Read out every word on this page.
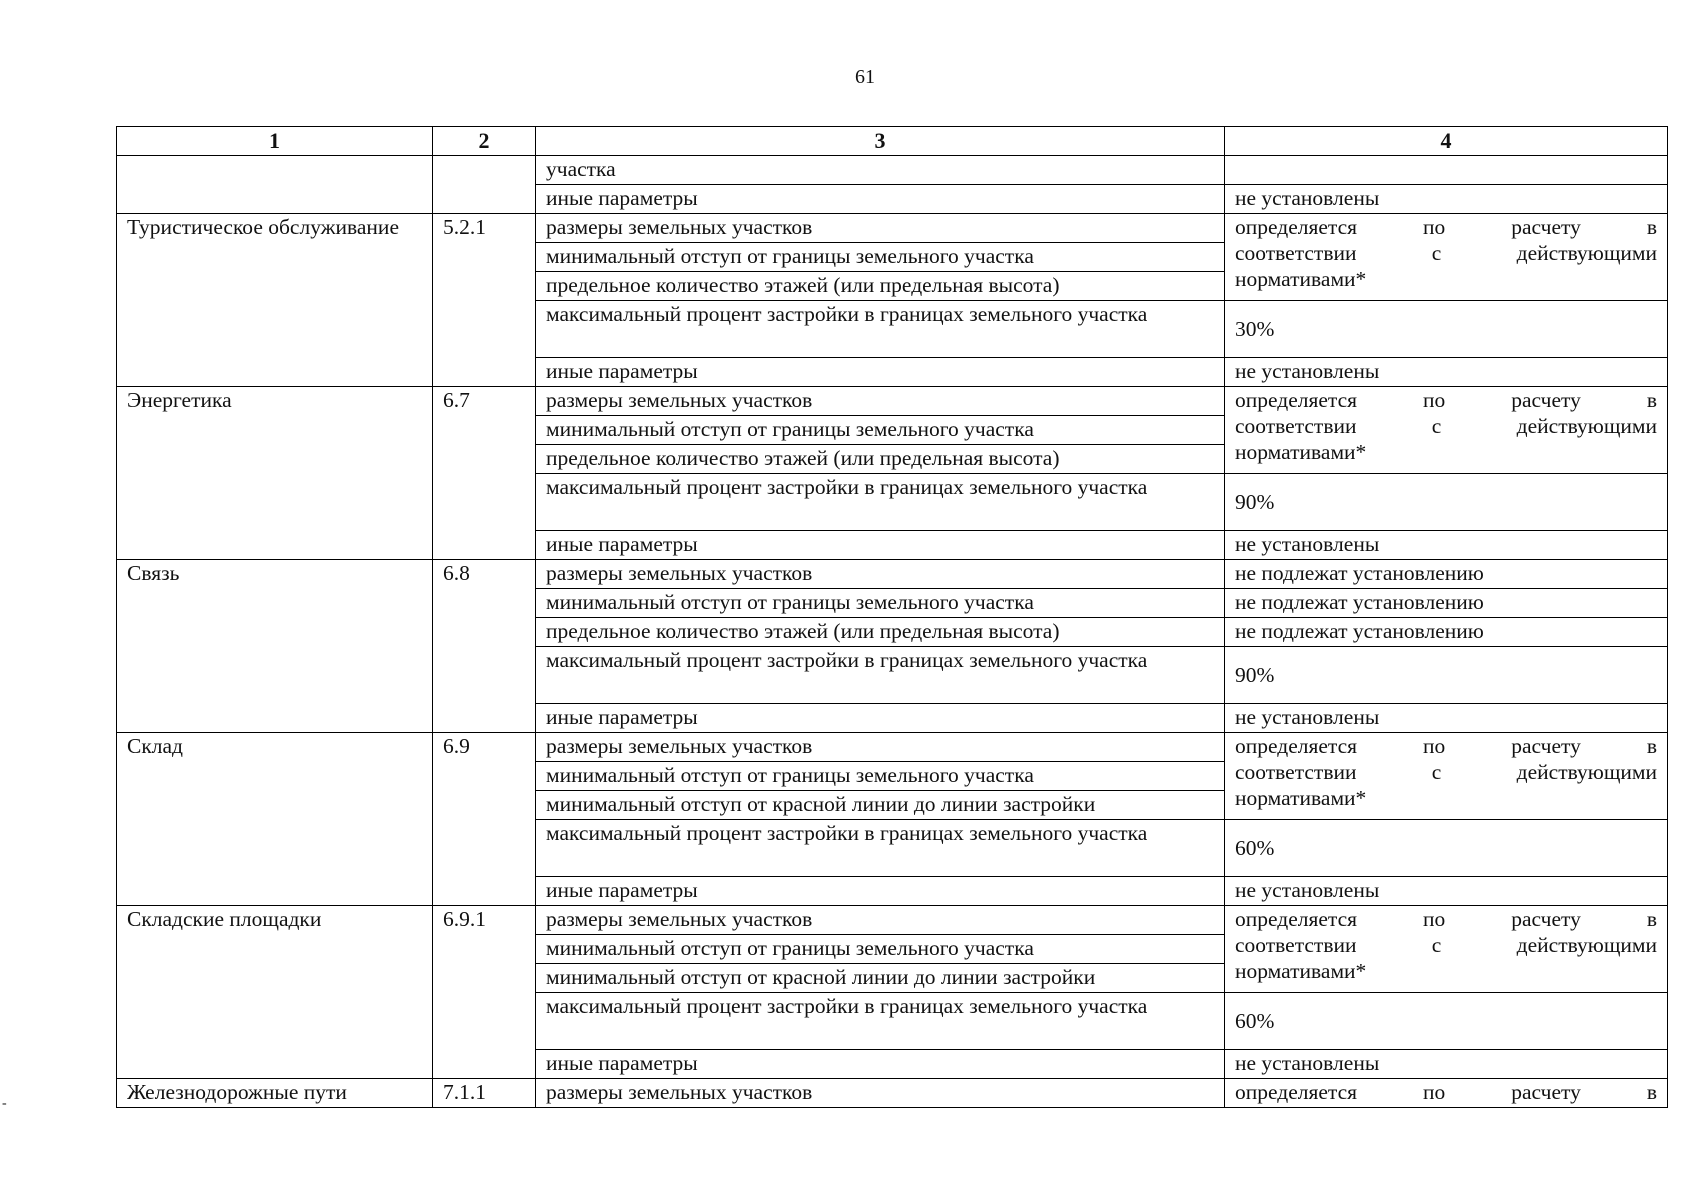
61
-
1	2	3	4
		участка	
		иные параметры	не установлены
Туристическое обслуживание	5.2.1	размеры земельных участков	определяется по расчету в
соответствии с действующими
нормативами*

		минимальный отступ от границы земельного участка	
		предельное количество этажей (или предельная высота)	
		максимальный процент застройки в границах земельного участка	30%
		иные параметры	не установлены
Энергетика	6.7	размеры земельных участков	определяется по расчету в
соответствии с действующими
нормативами*

		минимальный отступ от границы земельного участка	
		предельное количество этажей (или предельная высота)	
		максимальный процент застройки в границах земельного участка	90%
		иные параметры	не установлены
Связь	6.8	размеры земельных участков	не подлежат установлению
		минимальный отступ от границы земельного участка	не подлежат установлению
		предельное количество этажей (или предельная высота)	не подлежат установлению
		максимальный процент застройки в границах земельного участка	90%
		иные параметры	не установлены
Склад	6.9	размеры земельных участков	определяется по расчету в
соответствии с действующими
нормативами*

		минимальный отступ от границы земельного участка	
		минимальный отступ от красной линии до линии застройки	
		максимальный процент застройки в границах земельного участка	60%
		иные параметры	не установлены
Складские площадки	6.9.1	размеры земельных участков	определяется по расчету в
соответствии с действующими
нормативами*

		минимальный отступ от границы земельного участка	
		минимальный отступ от красной линии до линии застройки	
		максимальный процент застройки в границах земельного участка	60%
		иные параметры	не установлены
Железнодорожные пути	7.1.1	размеры земельных участков	определяется по расчету в
